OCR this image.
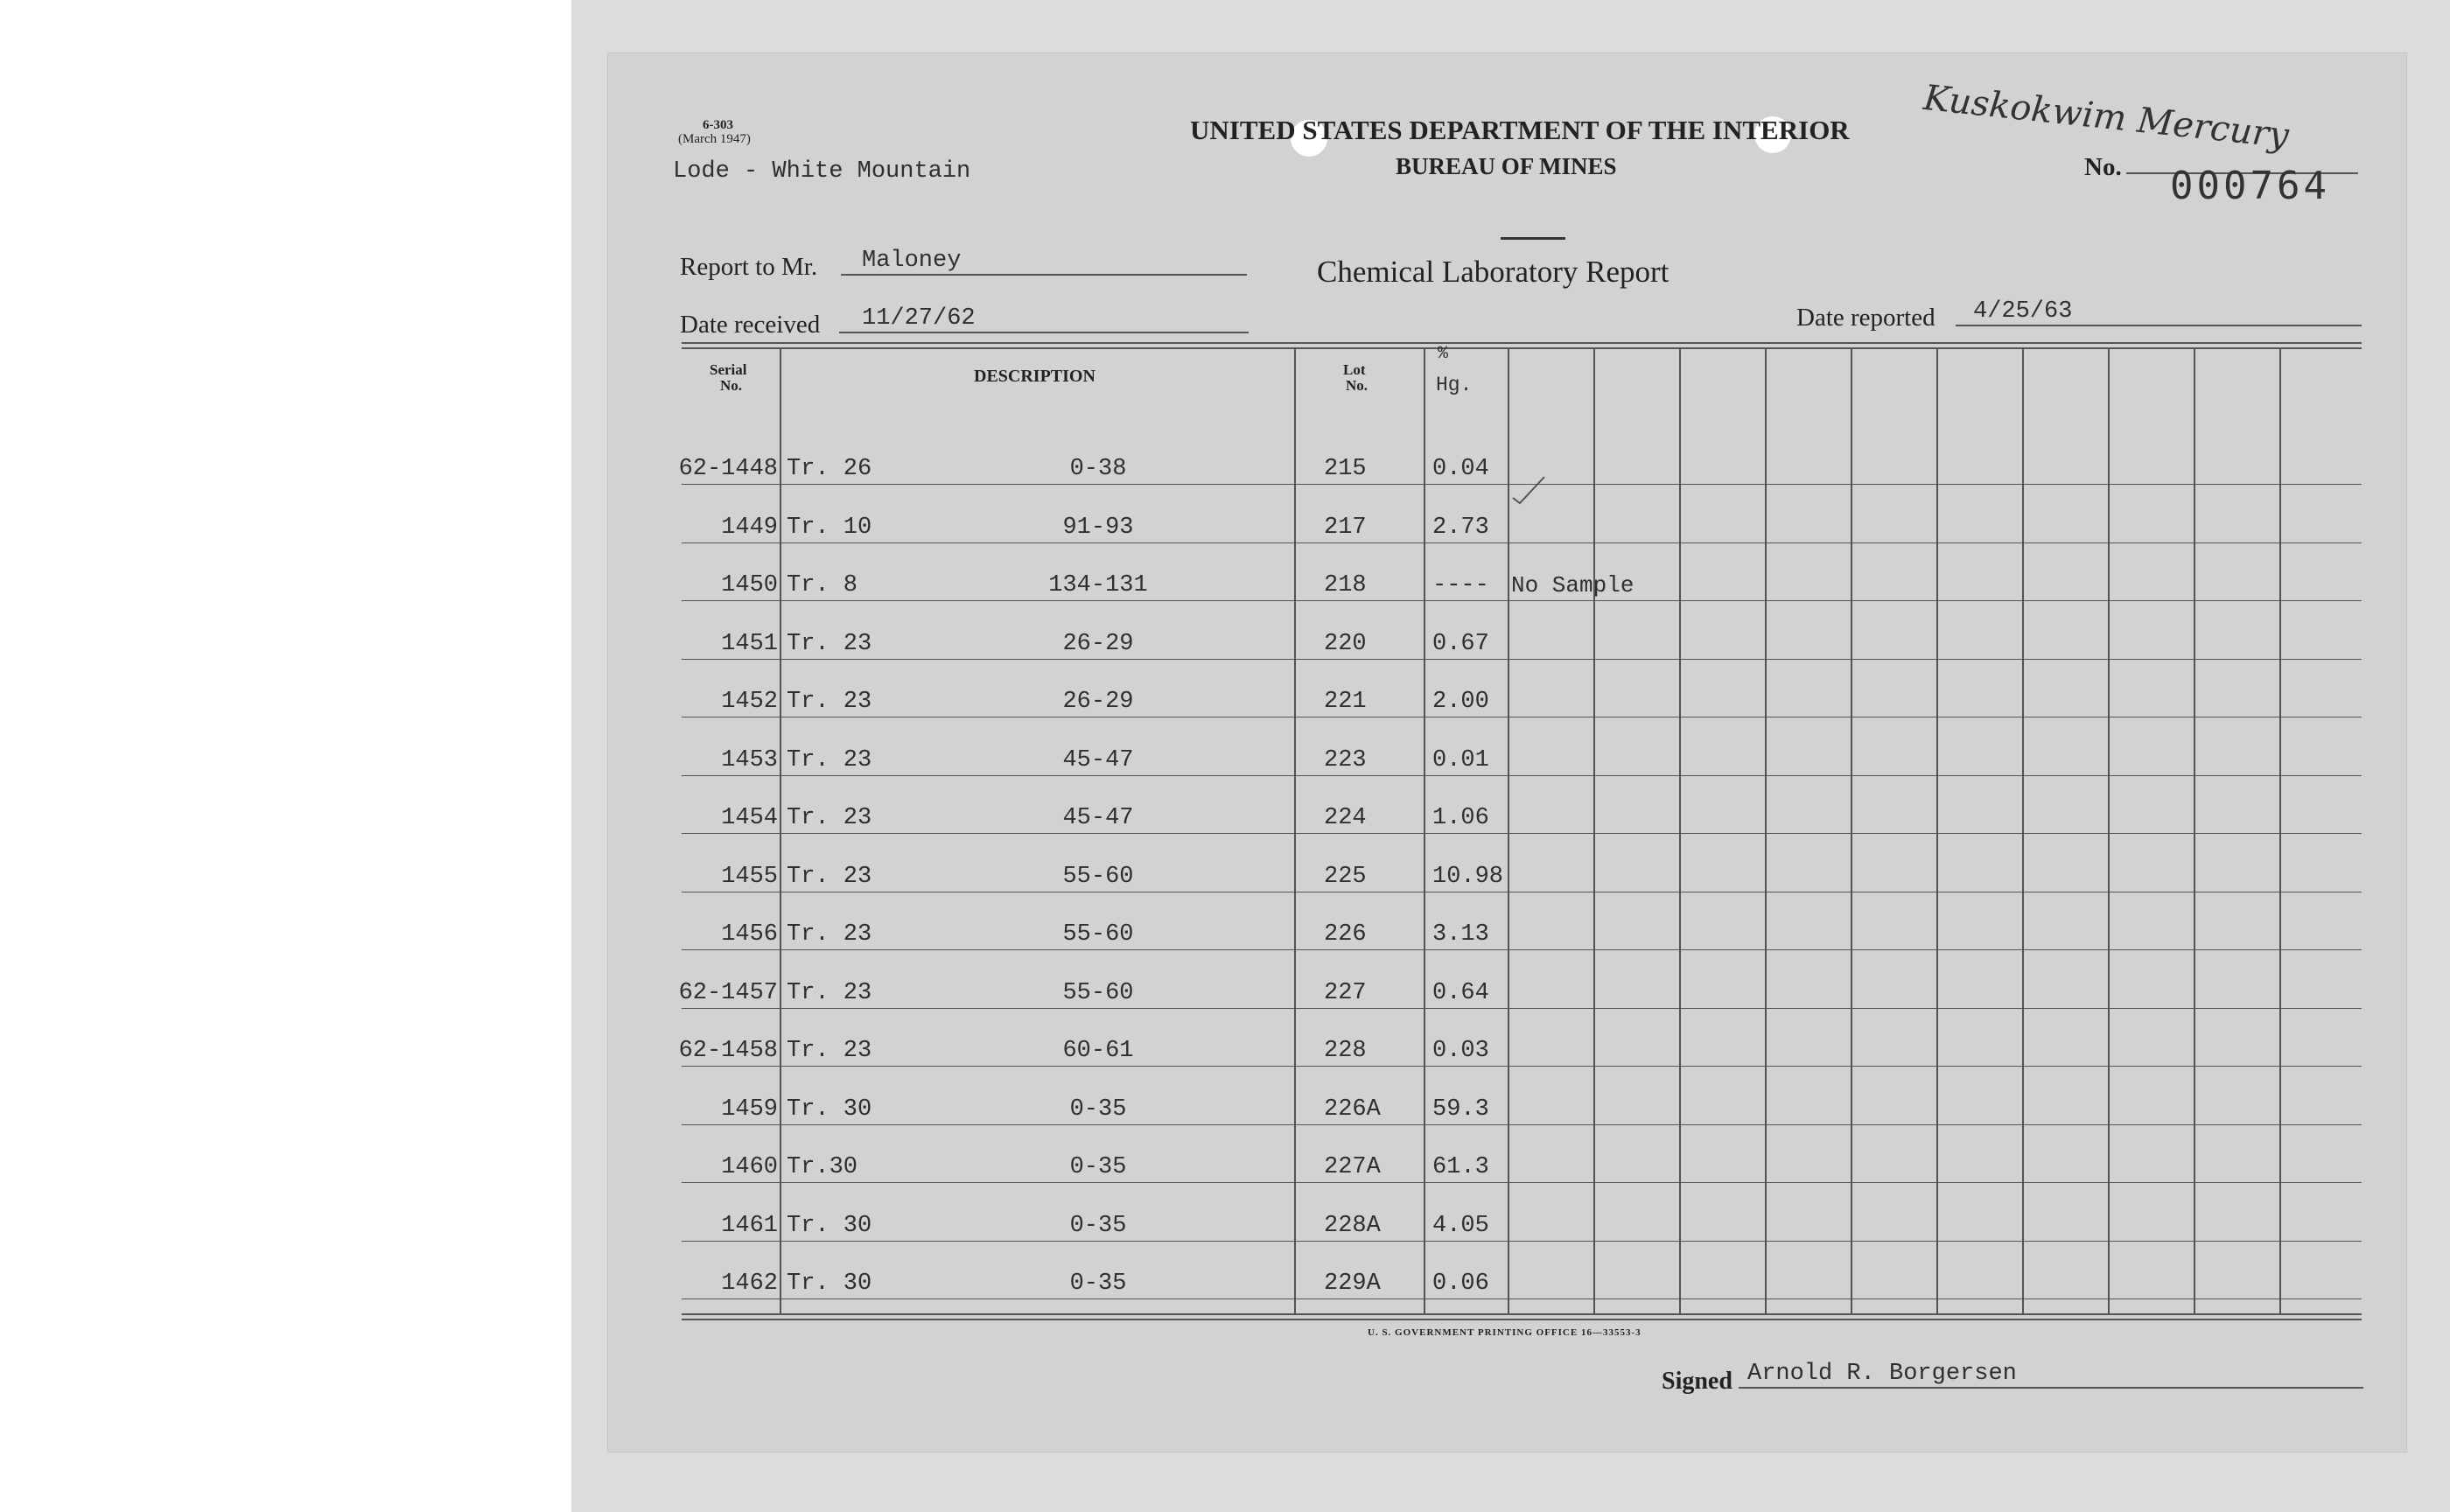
6-303
(March 1947)
Lode - White Mountain
UNITED STATES DEPARTMENT OF THE INTERIOR
BUREAU OF MINES
Chemical Laboratory Report
Kuskokwim Mercury
No. 000764
Report to Mr. Maloney
Date received 11/27/62	Date reported 4/25/63
Serial
No.	DESCRIPTION	Lot
No.
%
Hg.
62-1448 Tr. 26	0-38	215	0.04
1449 Tr. 10	91-93	217	2.73
1450 Tr. 8	134-131	218	---- No Sample
1451 Tr. 23	26-29	220	0.67
1452 Tr. 23	26-29	221	2.00
1453 Tr. 23	45-47	223	0.01
1454 Tr. 23	45-47	224	1.06
1455 Tr. 23	55-60	225	10.98
1456 Tr. 23	55-60	226	3.13
62-1457 Tr. 23	55-60	227	0.64
62-1458 Tr. 23	60-61	228	0.03
1459 Tr. 30	0-35	226A 59.3
1460 Tr.30	0-35	227A 61.3
1461 Tr. 30	0-35	228A 4.05
1462 Tr. 30	0-35	229A 0.06
U. S. GOVERNMENT PRINTING OFFICE 16—33553-3
Signed Arnold R. Borgersen
